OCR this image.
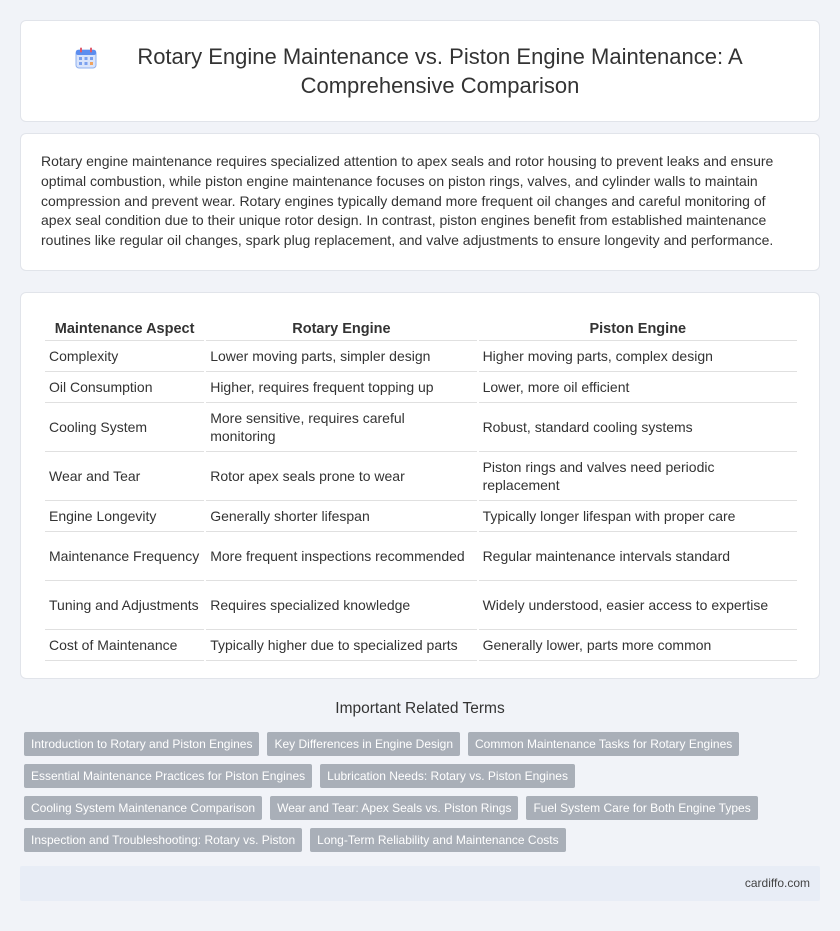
Rotary Engine Maintenance vs. Piston Engine Maintenance: A Comprehensive Comparison

Rotary engine maintenance requires specialized attention to apex seals and rotor housing to prevent leaks and ensure optimal combustion, while piston engine maintenance focuses on piston rings, valves, and cylinder walls to maintain compression and prevent wear. Rotary engines typically demand more frequent oil changes and careful monitoring of apex seal condition due to their unique rotor design. In contrast, piston engines benefit from established maintenance routines like regular oil changes, spark plug replacement, and valve adjustments to ensure longevity and performance.

Maintenance Aspect	Rotary Engine	Piston Engine
Complexity	Lower moving parts, simpler design	Higher moving parts, complex design
Oil Consumption	Higher, requires frequent topping up	Lower, more oil efficient
Cooling System	More sensitive, requires careful monitoring	Robust, standard cooling systems
Wear and Tear	Rotor apex seals prone to wear	Piston rings and valves need periodic replacement
Engine Longevity	Generally shorter lifespan	Typically longer lifespan with proper care
Maintenance Frequency	More frequent inspections recommended	Regular maintenance intervals standard
Tuning and Adjustments	Requires specialized knowledge	Widely understood, easier access to expertise
Cost of Maintenance	Typically higher due to specialized parts	Generally lower, parts more common
Important Related Terms
Introduction to Rotary and Piston Engines	Key Differences in Engine Design	Common Maintenance Tasks for Rotary Engines
Essential Maintenance Practices for Piston Engines	Lubrication Needs: Rotary vs. Piston Engines
Cooling System Maintenance Comparison	Wear and Tear: Apex Seals vs. Piston Rings	Fuel System Care for Both Engine Types
Inspection and Troubleshooting: Rotary vs. Piston	Long-Term Reliability and Maintenance Costs
cardiffo.com
